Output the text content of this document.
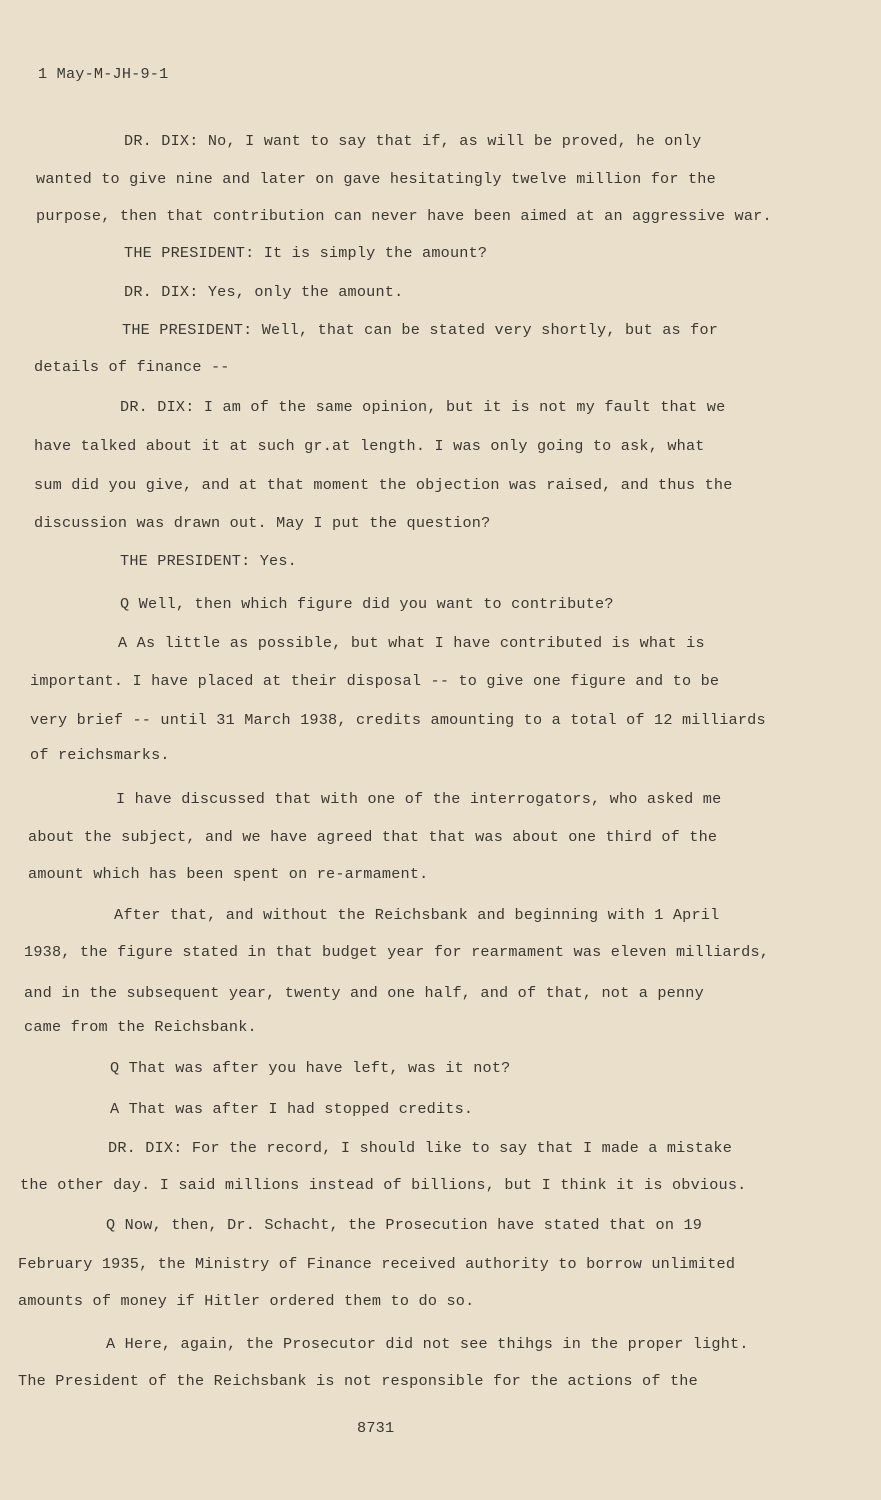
1 May-M-JH-9-1
DR. DIX: No, I want to say that if, as will be proved, he only
wanted to give nine and later on gave hesitatingly twelve million for the
purpose, then that contribution can never have been aimed at an aggressive war.
THE PRESIDENT: It is simply the amount?
DR. DIX: Yes, only the amount.
THE PRESIDENT: Well, that can be stated very shortly, but as for
details of finance --
DR. DIX: I am of the same opinion, but it is not my fault that we
have talked about it at such gr.at length. I was only going to ask, what
sum did you give, and at that moment the objection was raised, and thus the
discussion was drawn out. May I put the question?
THE PRESIDENT: Yes.
Q Well, then which figure did you want to contribute?
A As little as possible, but what I have contributed is what is
important. I have placed at their disposal -- to give one figure and to be
very brief -- until 31 March 1938, credits amounting to a total of 12 milliards
of reichsmarks.
I have discussed that with one of the interrogators, who asked me
about the subject, and we have agreed that that was about one third of the
amount which has been spent on re-armament.
After that, and without the Reichsbank and beginning with 1 April
1938, the figure stated in that budget year for rearmament was eleven milliards,
and in the subsequent year, twenty and one half, and of that, not a penny
came from the Reichsbank.
Q That was after you have left, was it not?
A That was after I had stopped credits.
DR. DIX: For the record, I should like to say that I made a mistake
the other day. I said millions instead of billions, but I think it is obvious.
Q Now, then, Dr. Schacht, the Prosecution have stated that on 19
February 1935, the Ministry of Finance received authority to borrow unlimited
amounts of money if Hitler ordered them to do so.
A Here, again, the Prosecutor did not see thihgs in the proper light.
The President of the Reichsbank is not responsible for the actions of the
8731
